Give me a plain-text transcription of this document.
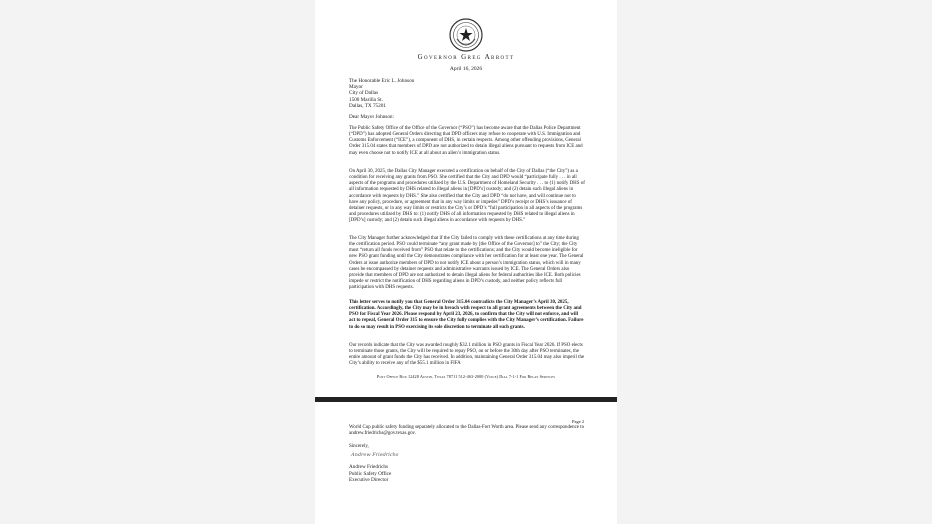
Governor Greg Abbott
April 16, 2026
The Honorable Eric L. Johnson
Mayor
City of Dallas
1500 Marilla St.
Dallas, TX 75201
Dear Mayor Johnson:

The Public Safety Office of the Office of the Governor (“PSO”) has become aware that the Dallas Police Department (“DPD”) has adopted General Orders directing that DPD officers may refuse to cooperate with U.S. Immigration and Customs Enforcement (“ICE”), a component of DHS, in certain respects. Among other offending provisions, General Order 315.04 states that members of DPD are not authorized to detain illegal aliens pursuant to requests from ICE and may even choose not to notify ICE at all about an alien’s immigration status.

On April 30, 2025, the Dallas City Manager executed a certification on behalf of the City of Dallas (“the City”) as a condition for receiving any grants from PSO. She certified that the City and DPD would “participate fully . . . in all aspects of the programs and procedures utilized by the U.S. Department of Homeland Security . . . to (1) notify DHS of all information requested by DHS related to illegal aliens in [DPD’s] custody; and (2) detain such illegal aliens in accordance with requests by DHS.” She also certified that the City and DPD “do not have, and will continue not to have any policy, procedure, or agreement that in any way limits or impedes” DPD’s receipt or DHS’s issuance of detainer requests, or in any way limits or restricts the City’s or DPD’s “full participation in all aspects of the programs and procedures utilized by DHS to: (1) notify DHS of all information requested by DHS related to illegal aliens in [DPD’s] custody; and (2) detain such illegal aliens in accordance with requests by DHS.”

The City Manager further acknowledged that if the City failed to comply with these certifications at any time during the certification period. PSO could terminate “any grant made by [the Office of the Governor] to” the City; the City must “return all funds received from” PSO that relate to the certifications; and the City would become ineligible for new PSO grant funding until the City demonstrates compliance with her certification for at least one year. The General Orders at issue authorize members of DPD to not notify ICE about a person’s immigration status, which will in many cases be encompassed by detainer requests and administrative warrants issued by ICE. The General Orders also provide that members of DPD are not authorized to detain illegal aliens for federal authorities like ICE. Both policies impede or restrict the notification of DHS regarding aliens in DPD’s custody, and neither policy reflects full participation with DHS requests.

This letter serves to notify you that General Order 315.04 contradicts the City Manager’s April 30, 2025, certification. Accordingly, the City may be in breach with respect to all grant agreements between the City and PSO for Fiscal Year 2026. Please respond by April 23, 2026, to confirm that the City will not enforce, and will act to repeal, General Order 315 to ensure the City fully complies with the City Manager’s certification. Failure to do so may result in PSO exercising its sole discretion to terminate all such grants.

Our records indicate that the City was awarded roughly $32.1 million in PSO grants in Fiscal Year 2026. If PSO elects to terminate those grants, the City will be required to repay PSO, on or before the 30th day after PSO terminates, the entire amount of grant funds the City has received. In addition, maintaining General Order 315.04 may also imperil the City’s ability to receive any of the $55.1 million in FIFA

Post Office Box 12428 Austin, Texas 78711 512-463-2000 (Voice) Dial 7-1-1 For Relay Services
Page 2

World Cup public safety funding separately allocated to the Dallas-Fort Worth area. Please send any correspondence to andrew.friedrichs@gov.texas.gov.

Sincerely,
Andrew Friedrichs
Andrew Friedrichs
Public Safety Office
Executive Director
